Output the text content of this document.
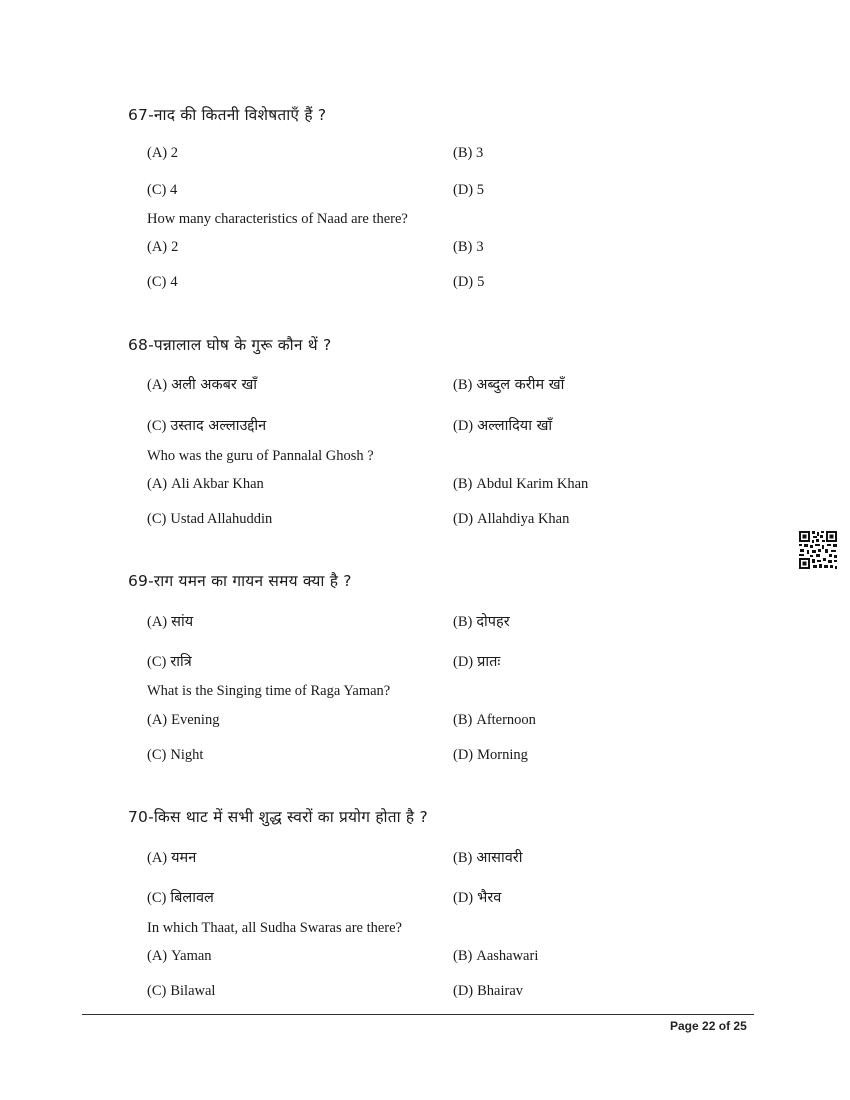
67-नाद की कितनी विशेषताएँ हैं ?
(A) 2	(B) 3
(C) 4	(D) 5
How many characteristics of Naad are there?
(A) 2	(B) 3
(C) 4	(D) 5
68-पन्नालाल घोष के गुरू कौन थें ?
(A) अली अकबर खाँ	(B) अब्दुल करीम खाँ
(C) उस्ताद अल्लाउद्दीन	(D) अल्लादिया खाँ
Who was the guru of Pannalal Ghosh ?
(A) Ali Akbar Khan	(B) Abdul Karim Khan
(C) Ustad Allahuddin	(D) Allahdiya Khan
69-राग यमन का गायन समय क्या है ?
(A) सांय	(B) दोपहर
(C) रात्रि	(D) प्रातः
What is the Singing time of Raga Yaman?
(A) Evening	(B) Afternoon
(C) Night	(D) Morning
70-किस थाट में सभी शुद्ध स्वरों का प्रयोग होता है ?
(A) यमन	(B) आसावरी
(C) बिलावल	(D) भैरव
In which Thaat, all Sudha Swaras are there?
(A) Yaman	(B) Aashawari
(C) Bilawal	(D) Bhairav
Page 22 of 25
